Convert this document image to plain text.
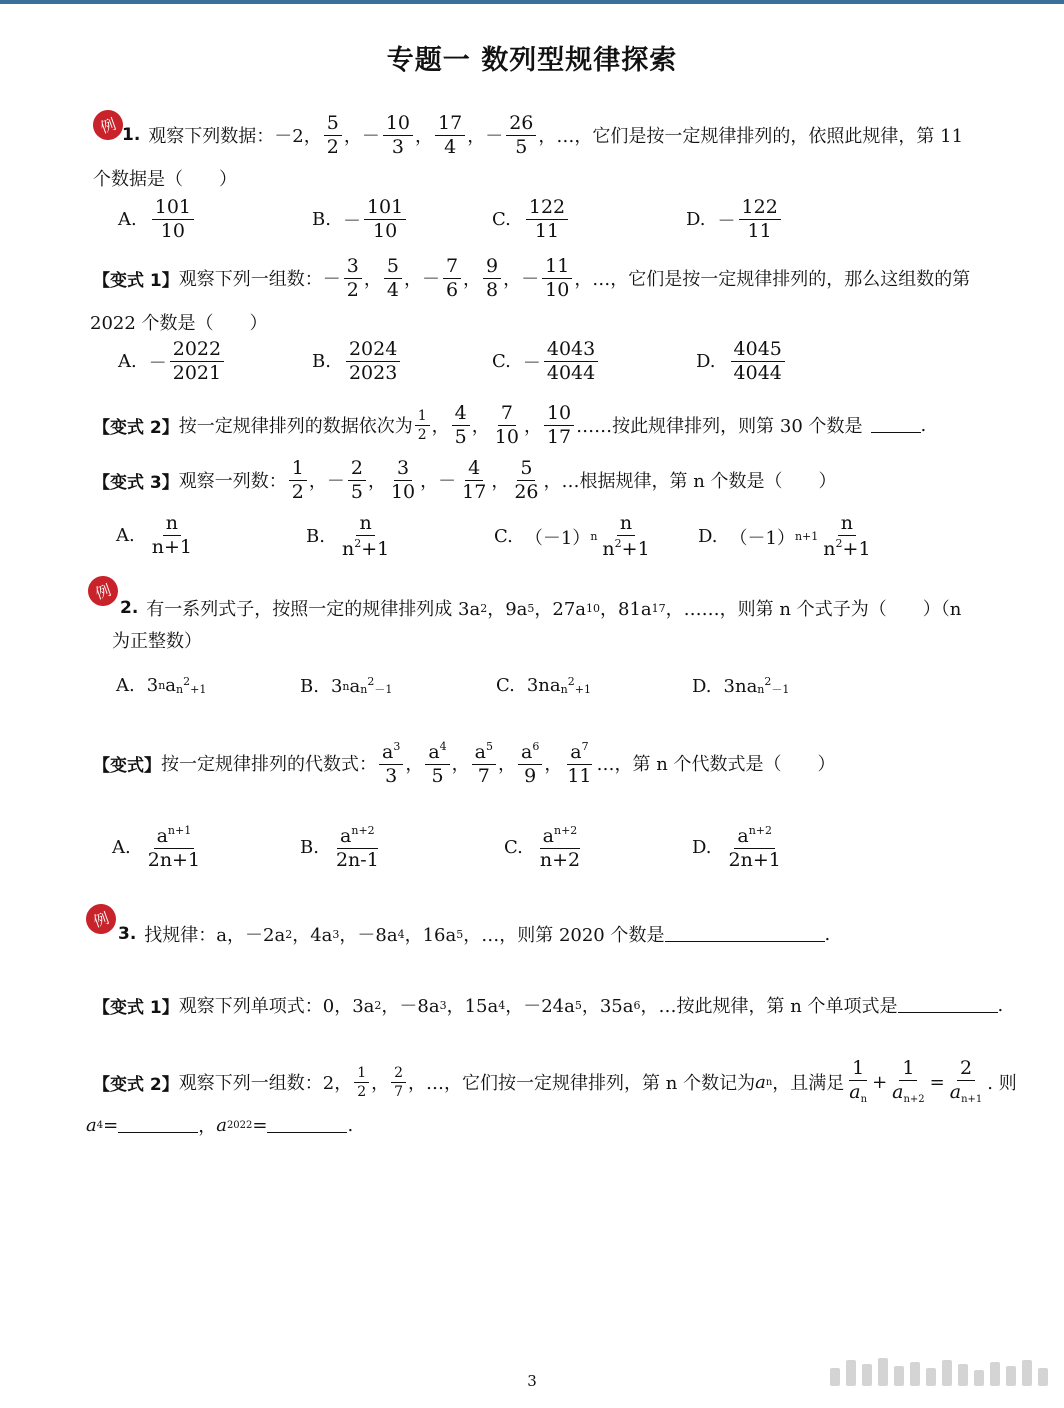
专题一 数列型规律探索
例 1. 观察下列数据： －2， $\frac{5}{2}$ ， － $\frac{10}{3}$ ， $\frac{17}{4}$ ， － $\frac{26}{5}$ ，…，它们是按一定规律排列的，依照此规律，第 11
个数据是（　　）
A. $\frac{101}{10}$	B. － $\frac{101}{10}$	C. $\frac{122}{11}$	D. － $\frac{122}{11}$
【变式 1】 观察下列一组数： － $\frac{3}{2}$ ， $\frac{5}{4}$ ， － $\frac{7}{6}$ ， $\frac{9}{8}$ ， － $\frac{11}{10}$ ，…，它们是按一定规律排列的，那么这组数的第
2022 个数是（　　）
A. － $\frac{2022}{2021}$	B. $\frac{2024}{2023}$	C. － $\frac{4043}{4044}$	D. $\frac{4045}{4044}$
【变式 2】 按一定规律排列的数据依次为 $\frac{1}{2}$ ， $\frac{4}{5}$ ， $\frac{7}{10}$ ， $\frac{10}{17}$ ……按此规律排列，则第 30 个数是	.
【变式 3】 观察一列数： $\frac{1}{2}$ ， － $\frac{2}{5}$ ， $\frac{3}{10}$ ， － $\frac{4}{17}$ ， $\frac{5}{26}$ ，…根据规律，第 n 个数是（　　）
A. $\frac{n}{n+1}$	B. $\frac{n}{n^2+1}$	C. （－1） n $\frac{n}{n^2+1}$	D. （－1） $n+1 \frac{n}{n^2+1}$
例
2. 有一系列式子，按照一定的规律排列成 3a 2 ，9a 5 ，27a 10 ，81a 17 ，……，则第 n 个式子为（　　）（n
为正整数）
A. 3 n a $n^2+1$	B. 3 n a $n^2-1$	C. 3n a $n^2+1$	D. 3n a $n^2-1$
【变式】 按一定规律排列的代数式： $\frac{a^3}{3}$ ， $\frac{a^4}{5}$ ， $\frac{a^5}{7}$ ， $\frac{a^6}{9}$ ， $\frac{a^7}{11}$ …，第 n 个代数式是（　　）
A. $\frac{a^{n+1}}{2n+1}$	B. $\frac{a^{n+2}}{2n-1}$	C. $\frac{a^{n+2}}{n+2}$	D. $\frac{a^{n+2}}{2n+1}$
例
3. 找规律：a，－2a 2 ，4a 3 ，－8a 4 ，16a 5 ，…，则第 2020 个数是	.
【变式 1】 观察下列单项式：0，3a 2 ，－8a 3 ，15a 4 ，－24a 5 ，35a 6 ，…按此规律，第 n 个单项式是	.
【变式 2】 观察下列一组数：2， $\frac{1}{2}$ ， $\frac{2}{7}$ ，…，它们按一定规律排列，第 n 个数记为 a n ，且满足 $\frac{1}{a_n} + \frac{1}{a_{n+2}} = \frac{2}{a_{n+1}}$ . 则
a 4 =	， a 2022 =	.
3
